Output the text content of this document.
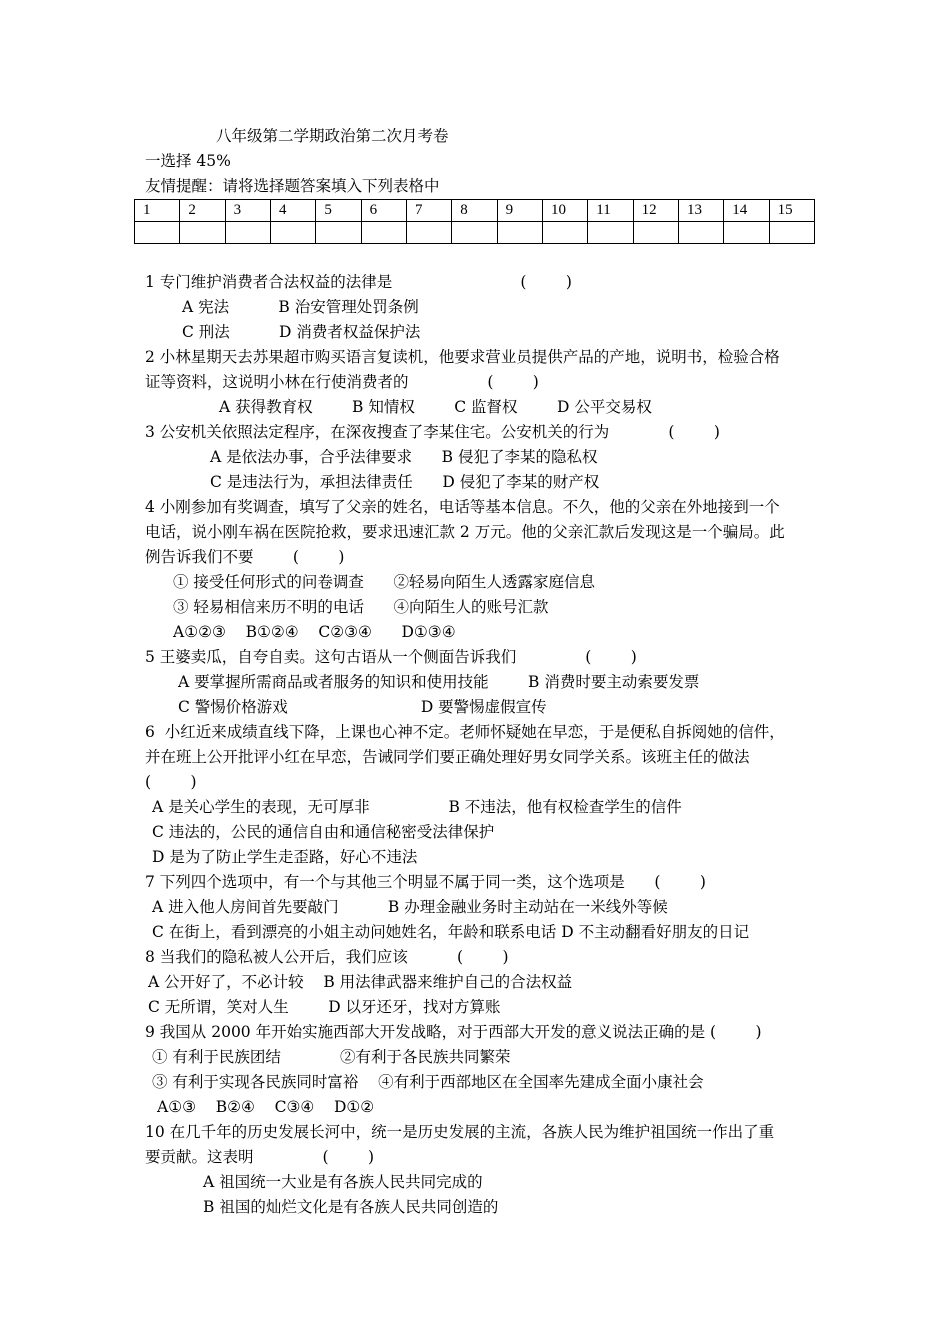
八年级第二学期政治第二次月考卷
一选择 45%
友情提醒：请将选择题答案填入下列表格中
1	2	3	4	5	6	7	8	9	10	11	12	13	14	15

1 专门维护消费者合法权益的法律是                          (        )
A 宪法          B 治安管理处罚条例
C 刑法          D 消费者权益保护法
2 小林星期天去苏果超市购买语言复读机，他要求营业员提供产品的产地，说明书，检验合格
证等资料，这说明小林在行使消费者的                (        )
A 获得教育权        B 知情权        C 监督权        D 公平交易权
3 公安机关依照法定程序，在深夜搜查了李某住宅。公安机关的行为            (        )
A 是依法办事，合乎法律要求      B 侵犯了李某的隐私权
C 是违法行为，承担法律责任      D 侵犯了李某的财产权
4 小刚参加有奖调查，填写了父亲的姓名，电话等基本信息。不久，他的父亲在外地接到一个
电话，说小刚车祸在医院抢救，要求迅速汇款 2 万元。他的父亲汇款后发现这是一个骗局。此
例告诉我们不要        (        )
① 接受任何形式的问卷调查      ②轻易向陌生人透露家庭信息
③ 轻易相信来历不明的电话      ④向陌生人的账号汇款
A①②③    B①②④    C②③④      D①③④
5 王婆卖瓜，自夸自卖。这句古语从一个侧面告诉我们              (        )
A 要掌握所需商品或者服务的知识和使用技能        B 消费时要主动索要发票
C 警惕价格游戏                           D 要警惕虚假宣传
6  小红近来成绩直线下降，上课也心神不定。老师怀疑她在早恋，于是便私自拆阅她的信件，
并在班上公开批评小红在早恋，告诫同学们要正确处理好男女同学关系。该班主任的做法
(        )
A 是关心学生的表现，无可厚非                B 不违法，他有权检查学生的信件
C 违法的，公民的通信自由和通信秘密受法律保护
D 是为了防止学生走歪路，好心不违法
7 下列四个选项中，有一个与其他三个明显不属于同一类，这个选项是      (        )
A 进入他人房间首先要敲门          B 办理金融业务时主动站在一米线外等候
C 在街上，看到漂亮的小姐主动问她姓名，年龄和联系电话 D 不主动翻看好朋友的日记
8 当我们的隐私被人公开后，我们应该          (        )
A 公开好了，不必计较    B 用法律武器来维护自己的合法权益
C 无所谓，笑对人生        D 以牙还牙，找对方算账
9 我国从 2000 年开始实施西部大开发战略，对于西部大开发的意义说法正确的是 (        )
① 有利于民族团结            ②有利于各民族共同繁荣
③ 有利于实现各民族同时富裕    ④有利于西部地区在全国率先建成全面小康社会
A①③    B②④    C③④    D①②
10 在几千年的历史发展长河中，统一是历史发展的主流，各族人民为维护祖国统一作出了重
要贡献。这表明              (        )
A 祖国统一大业是有各族人民共同完成的
B 祖国的灿烂文化是有各族人民共同创造的
